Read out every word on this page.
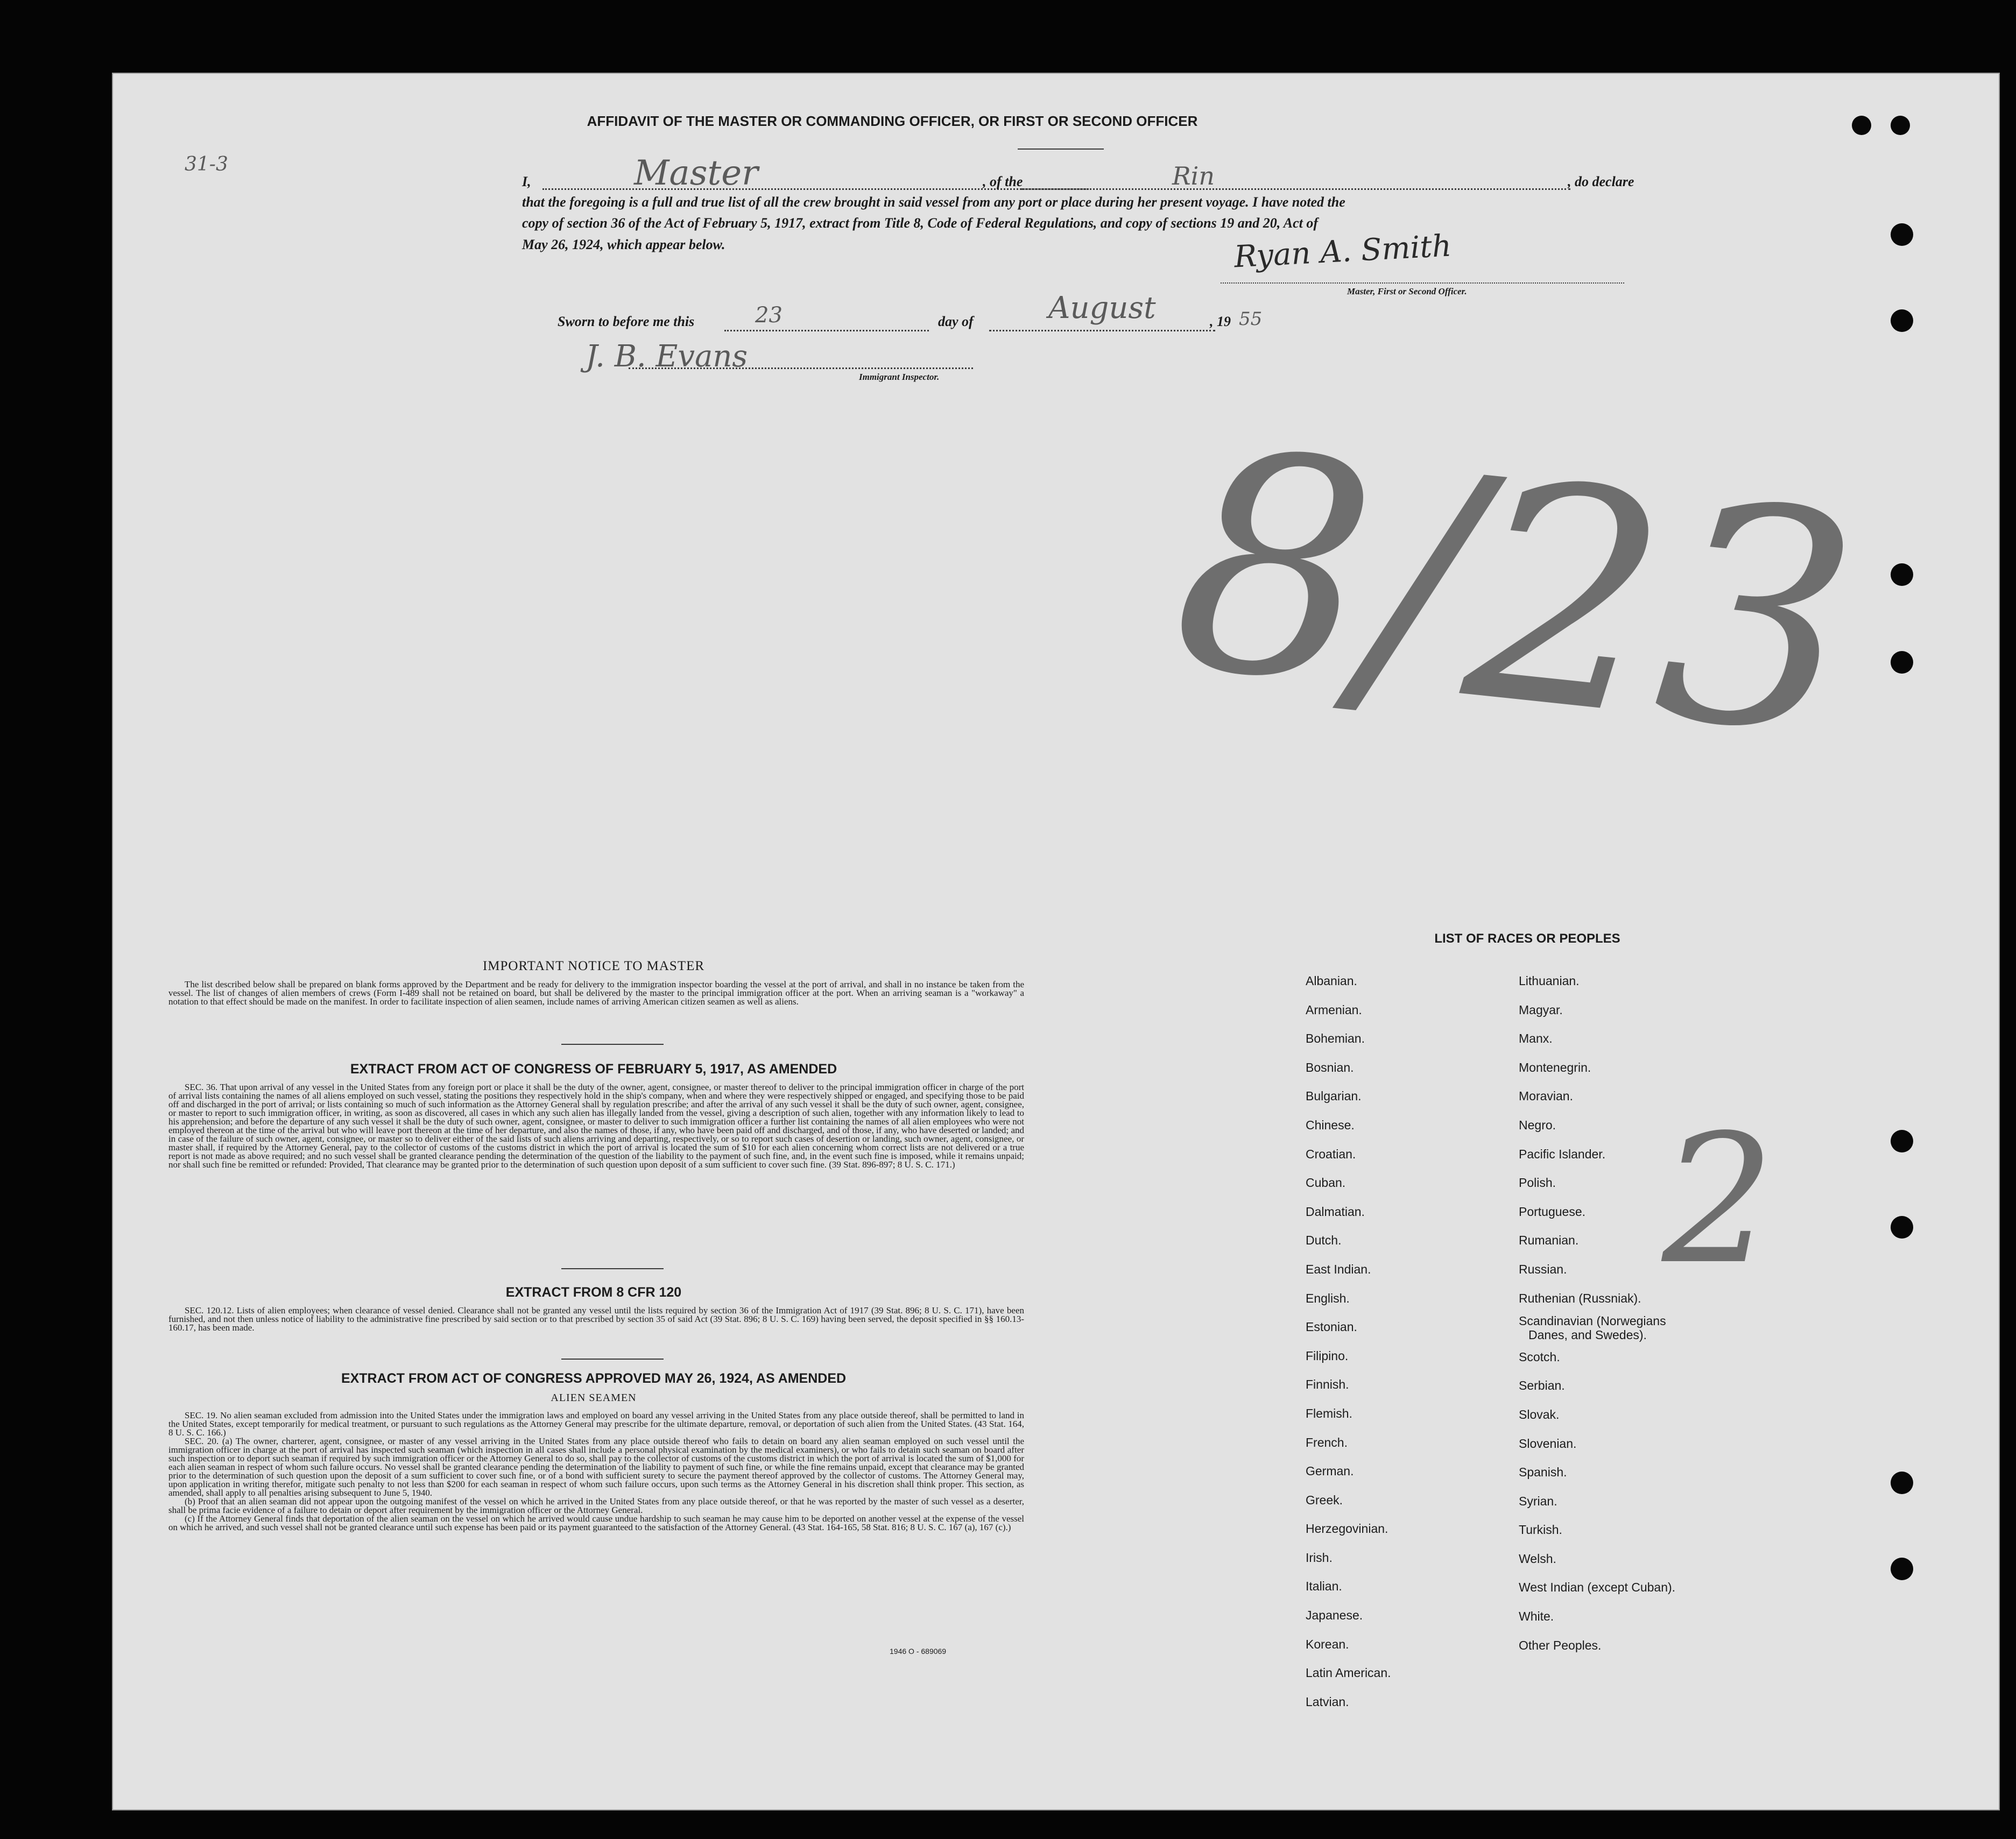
31-3
AFFIDAVIT OF THE MASTER OR COMMANDING OFFICER, OR FIRST OR SECOND OFFICER
I,	Master	, of the	Rin	, do declare
that the foregoing is a full and true list of all the crew brought in said vessel from any port or place during her present voyage. I have noted the
copy of section 36 of the Act of February 5, 1917, extract from Title 8, Code of Federal Regulations, and copy of sections 19 and 20, Act of
May 26, 1924, which appear below.	Ryan A. Smith
Master, First or Second Officer.
Sworn to before me this	23	day of August	, 19 55
J. B. Evans
Immigrant Inspector.
8/23
2
IMPORTANT NOTICE TO MASTER

The list described below shall be prepared on blank forms approved by the Department and be ready for delivery to the immigration inspector boarding the vessel at the port of arrival, and shall in no instance be taken from the vessel. The list of changes of alien members of crews (Form I-489 shall not be retained on board, but shall be delivered by the master to the principal immigration officer at the port. When an arriving seaman is a "workaway" a notation to that effect should be made on the manifest. In order to facilitate inspection of alien seamen, include names of arriving American citizen seamen as well as aliens.

EXTRACT FROM ACT OF CONGRESS OF FEBRUARY 5, 1917, AS AMENDED

SEC. 36. That upon arrival of any vessel in the United States from any foreign port or place it shall be the duty of the owner, agent, consignee, or master thereof to deliver to the principal immigration officer in charge of the port of arrival lists containing the names of all aliens employed on such vessel, stating the positions they respectively hold in the ship's company, when and where they were respectively shipped or engaged, and specifying those to be paid off and discharged in the port of arrival; or lists containing so much of such information as the Attorney General shall by regulation prescribe; and after the arrival of any such vessel it shall be the duty of such owner, agent, consignee, or master to report to such immigration officer, in writing, as soon as discovered, all cases in which any such alien has illegally landed from the vessel, giving a description of such alien, together with any information likely to lead to his apprehension; and before the departure of any such vessel it shall be the duty of such owner, agent, consignee, or master to deliver to such immigration officer a further list containing the names of all alien employees who were not employed thereon at the time of the arrival but who will leave port thereon at the time of her departure, and also the names of those, if any, who have been paid off and discharged, and of those, if any, who have deserted or landed; and in case of the failure of such owner, agent, consignee, or master so to deliver either of the said lists of such aliens arriving and departing, respectively, or so to report such cases of desertion or landing, such owner, agent, consignee, or master shall, if required by the Attorney General, pay to the collector of customs of the customs district in which the port of arrival is located the sum of $10 for each alien concerning whom correct lists are not delivered or a true report is not made as above required; and no such vessel shall be granted clearance pending the determination of the question of the liability to the payment of such fine, and, in the event such fine is imposed, while it remains unpaid; nor shall such fine be remitted or refunded: Provided, That clearance may be granted prior to the determination of such question upon deposit of a sum sufficient to cover such fine. (39 Stat. 896-897; 8 U. S. C. 171.)

EXTRACT FROM 8 CFR 120

SEC. 120.12. Lists of alien employees; when clearance of vessel denied. Clearance shall not be granted any vessel until the lists required by section 36 of the Immigration Act of 1917 (39 Stat. 896; 8 U. S. C. 171), have been furnished, and not then unless notice of liability to the administrative fine prescribed by said section or to that prescribed by section 35 of said Act (39 Stat. 896; 8 U. S. C. 169) having been served, the deposit specified in §§ 160.13-160.17, has been made.

EXTRACT FROM ACT OF CONGRESS APPROVED MAY 26, 1924, AS AMENDED
ALIEN SEAMEN

SEC. 19. No alien seaman excluded from admission into the United States under the immigration laws and employed on board any vessel arriving in the United States from any place outside thereof, shall be permitted to land in the United States, except temporarily for medical treatment, or pursuant to such regulations as the Attorney General may prescribe for the ultimate departure, removal, or deportation of such alien from the United States. (43 Stat. 164, 8 U. S. C. 166.)

SEC. 20. (a) The owner, charterer, agent, consignee, or master of any vessel arriving in the United States from any place outside thereof who fails to detain on board any alien seaman employed on such vessel until the immigration officer in charge at the port of arrival has inspected such seaman (which inspection in all cases shall include a personal physical examination by the medical examiners), or who fails to detain such seaman on board after such inspection or to deport such seaman if required by such immigration officer or the Attorney General to do so, shall pay to the collector of customs of the customs district in which the port of arrival is located the sum of $1,000 for each alien seaman in respect of whom such failure occurs. No vessel shall be granted clearance pending the determination of the liability to payment of such fine, or while the fine remains unpaid, except that clearance may be granted prior to the determination of such question upon the deposit of a sum sufficient to cover such fine, or of a bond with sufficient surety to secure the payment thereof approved by the collector of customs. The Attorney General may, upon application in writing therefor, mitigate such penalty to not less than $200 for each seaman in respect of whom such failure occurs, upon such terms as the Attorney General in his discretion shall think proper. This section, as amended, shall apply to all penalties arising subsequent to June 5, 1940.

(b) Proof that an alien seaman did not appear upon the outgoing manifest of the vessel on which he arrived in the United States from any place outside thereof, or that he was reported by the master of such vessel as a deserter, shall be prima facie evidence of a failure to detain or deport after requirement by the immigration officer or the Attorney General.

(c) If the Attorney General finds that deportation of the alien seaman on the vessel on which he arrived would cause undue hardship to such seaman he may cause him to be deported on another vessel at the expense of the vessel on which he arrived, and such vessel shall not be granted clearance until such expense has been paid or its payment guaranteed to the satisfaction of the Attorney General. (43 Stat. 164-165, 58 Stat. 816; 8 U. S. C. 167 (a), 167 (c).)

1946 O - 689069
LIST OF RACES OR PEOPLES
Albanian.
Armenian.
Bohemian.
Bosnian.
Bulgarian.
Chinese.
Croatian.
Cuban.
Dalmatian.
Dutch.
East Indian.
English.
Estonian.
Filipino.
Finnish.
Flemish.
French.
German.
Greek.
Herzegovinian.
Irish.
Italian.
Japanese.
Korean.
Latin American.
Latvian.
Lithuanian.
Magyar.
Manx.
Montenegrin.
Moravian.
Negro.
Pacific Islander.
Polish.
Portuguese.
Rumanian.
Russian.
Ruthenian (Russniak).
Scandinavian (Norwegians
Danes, and Swedes).
Scotch.
Serbian.
Slovak.
Slovenian.
Spanish.
Syrian.
Turkish.
Welsh.
West Indian (except Cuban).
White.
Other Peoples.
